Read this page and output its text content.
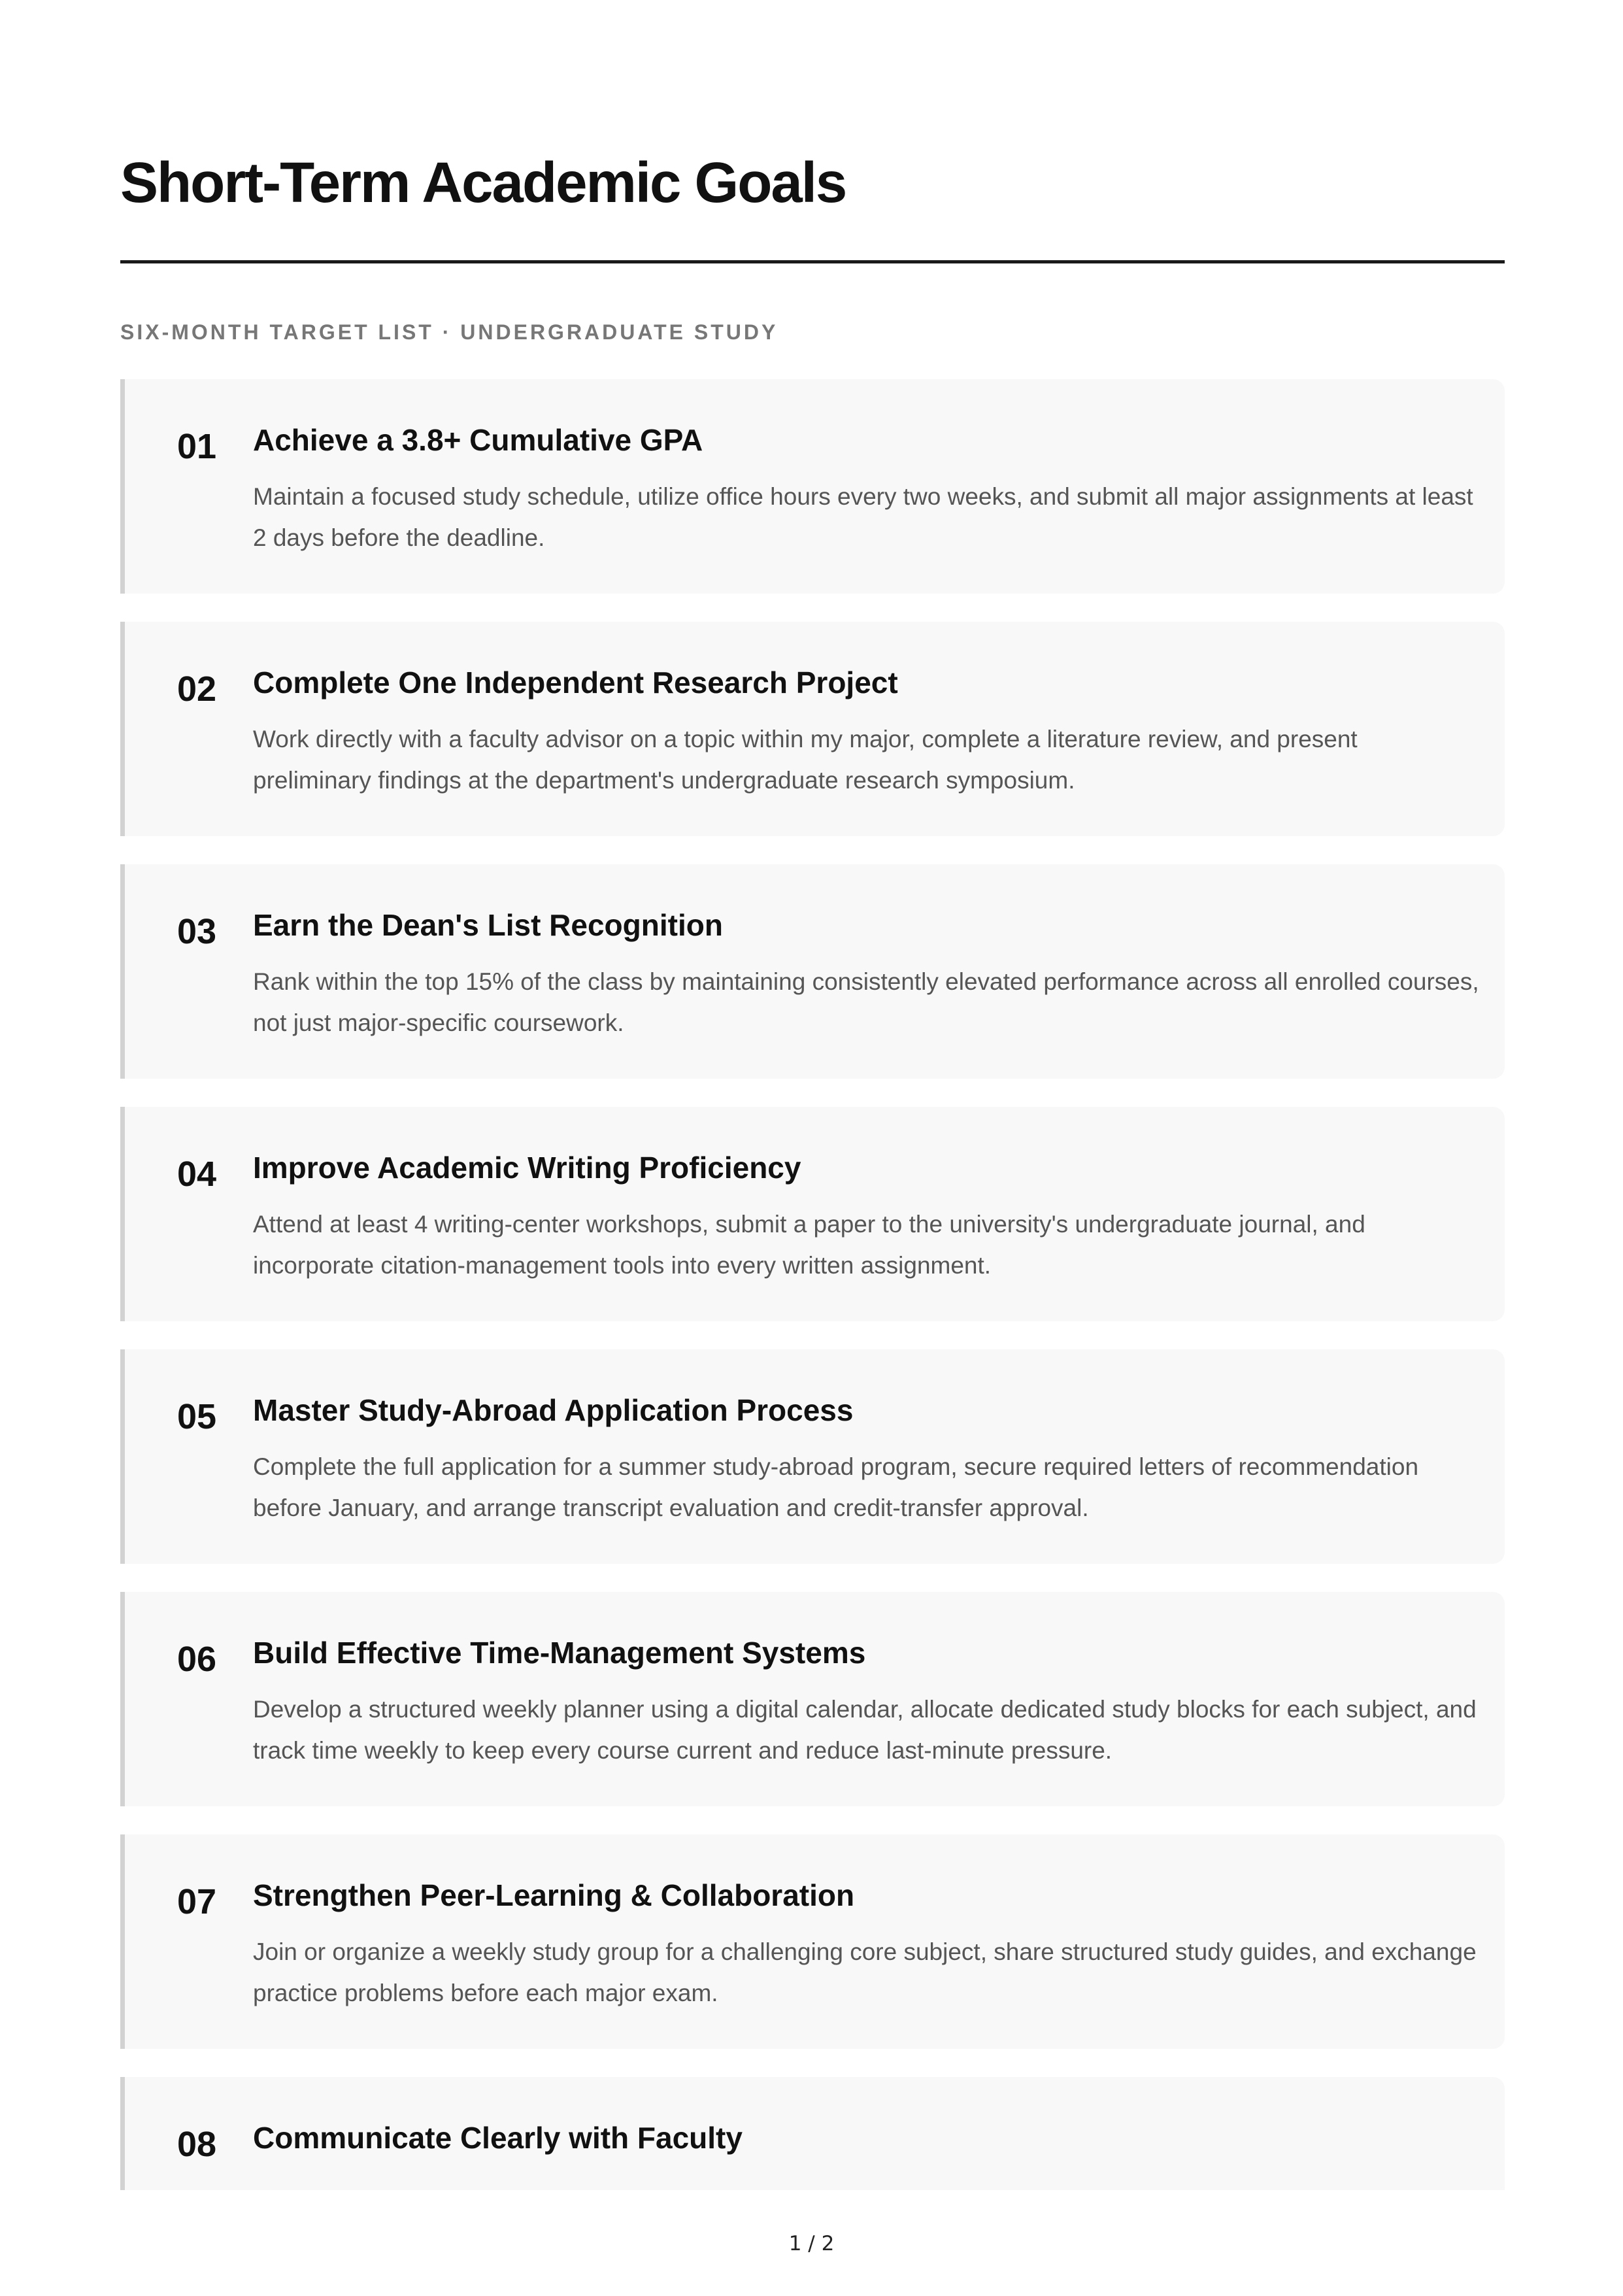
Short-Term Academic Goals
SIX-MONTH TARGET LIST · UNDERGRADUATE STUDY
01 Achieve a 3.8+ Cumulative GPA
Maintain a focused study schedule, utilize office hours every two weeks, and submit all major assignments at least 2 days before the deadline.
02 Complete One Independent Research Project
Work directly with a faculty advisor on a topic within my major, complete a literature review, and present preliminary findings at the department's undergraduate research symposium.
03 Earn the Dean's List Recognition
Rank within the top 15% of the class by maintaining consistently elevated performance across all enrolled courses, not just major-specific coursework.
04 Improve Academic Writing Proficiency
Attend at least 4 writing-center workshops, submit a paper to the university's undergraduate journal, and incorporate citation-management tools into every written assignment.
05 Master Study-Abroad Application Process
Complete the full application for a summer study-abroad program, secure required letters of recommendation before January, and arrange transcript evaluation and credit-transfer approval.
06 Build Effective Time-Management Systems
Develop a structured weekly planner using a digital calendar, allocate dedicated study blocks for each subject, and track time weekly to keep every course current and reduce last-minute pressure.
07 Strengthen Peer-Learning & Collaboration
Join or organize a weekly study group for a challenging core subject, share structured study guides, and exchange practice problems before each major exam.
08 Communicate Clearly with Faculty
1 / 2
